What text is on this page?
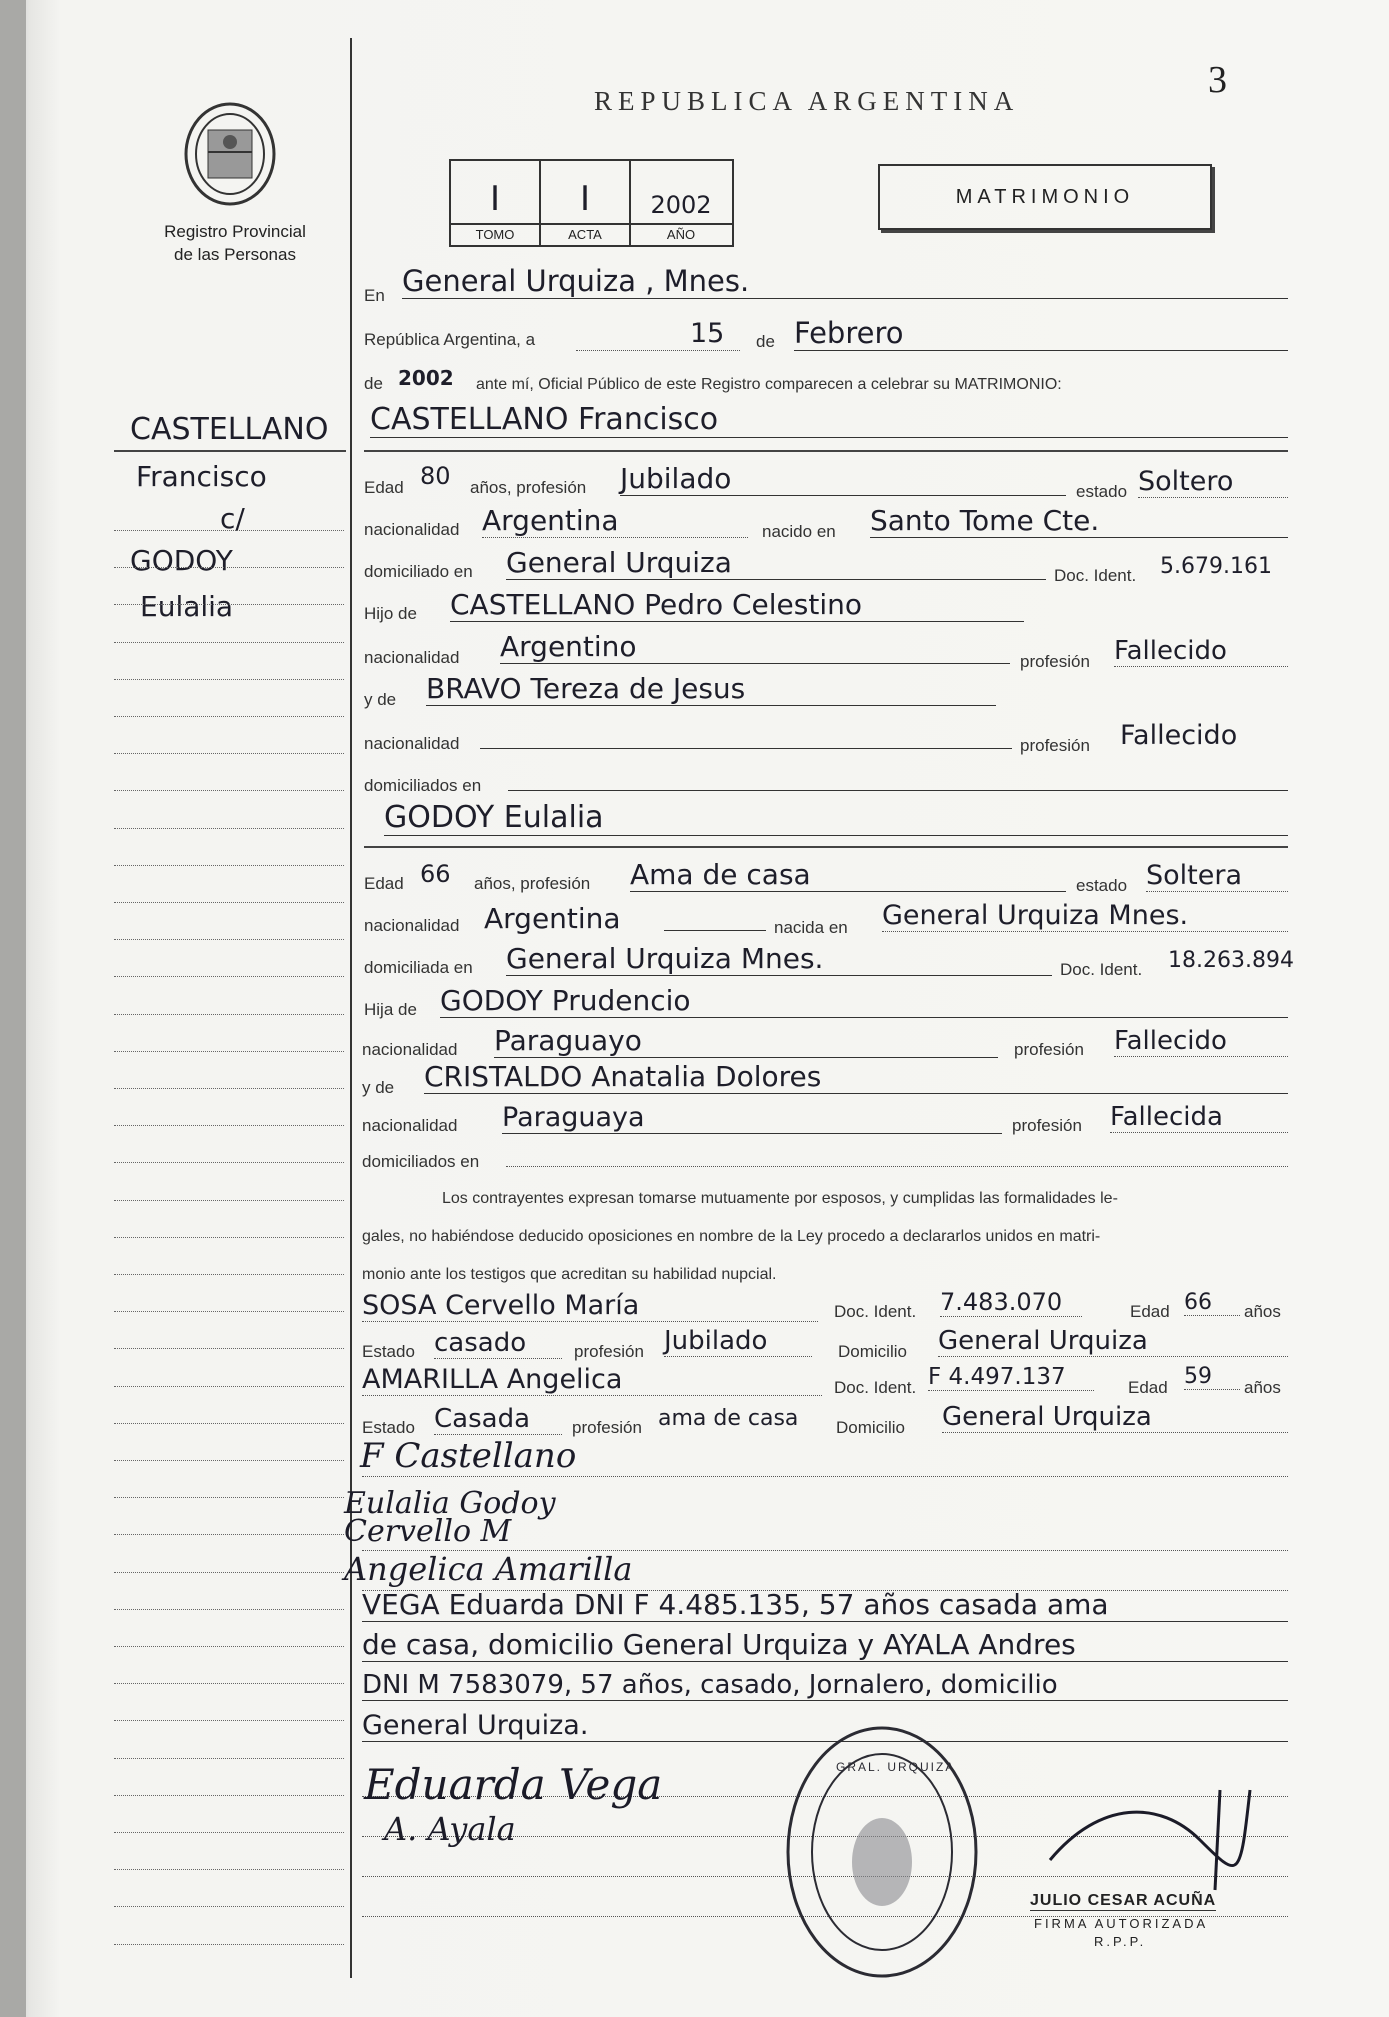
Registro Provincial
de las Personas
REPUBLICA ARGENTINA	3
I	I	2002
TOMO	ACTA	AÑO
MATRIMONIO
CASTELLANO
Francisco
c/
GODOY
Eulalia
En General Urquiza , Mnes.
República Argentina, a	15 de Febrero
de 2002 ante mí, Oficial Público de este Registro comparecen a celebrar su MATRIMONIO:
CASTELLANO Francisco
Edad 80 años, profesión Jubilado	estado Soltero
nacionalidad Argentina	nacido en Santo Tome Cte.
domiciliado en General Urquiza	Doc. Ident. 5.679.161
Hijo de CASTELLANO Pedro Celestino
nacionalidad Argentino	profesión Fallecido
y de BRAVO Tereza de Jesus
nacionalidad	profesión Fallecido
domiciliados en
GODOY Eulalia
Edad 66 años, profesión Ama de casa	estado Soltera
nacionalidad Argentina	nacida en General Urquiza Mnes.
domiciliada en General Urquiza Mnes.	Doc. Ident. 18.263.894
Hija de GODOY Prudencio
nacionalidad Paraguayo	profesión Fallecido
y de CRISTALDO Anatalia Dolores
nacionalidad Paraguaya	profesión Fallecida
domiciliados en
Los contrayentes expresan tomarse mutuamente por esposos, y cumplidas las formalidades le-
gales, no habiéndose deducido oposiciones en nombre de la Ley procedo a declararlos unidos en matri-
monio ante los testigos que acreditan su habilidad nupcial.
SOSA Cervello María	Doc. Ident. 7.483.070	Edad 66	años
Estado casado	profesión Jubilado	Domicilio General Urquiza
AMARILLA Angelica	Doc. Ident. F 4.497.137	Edad 59	años
Estado Casada	profesión ama de casa Domicilio General Urquiza
F Castellano
Eulalia Godoy
Cervello M
Angelica Amarilla
VEGA Eduarda DNI F 4.485.135, 57 años casada ama
de casa, domicilio General Urquiza y AYALA Andres
DNI M 7583079, 57 años, casado, Jornalero, domicilio
General Urquiza.
Eduarda Vega
A. Ayala
GRAL. URQUIZA
JULIO CESAR ACUÑA
FIRMA AUTORIZADA
R.P.P.
